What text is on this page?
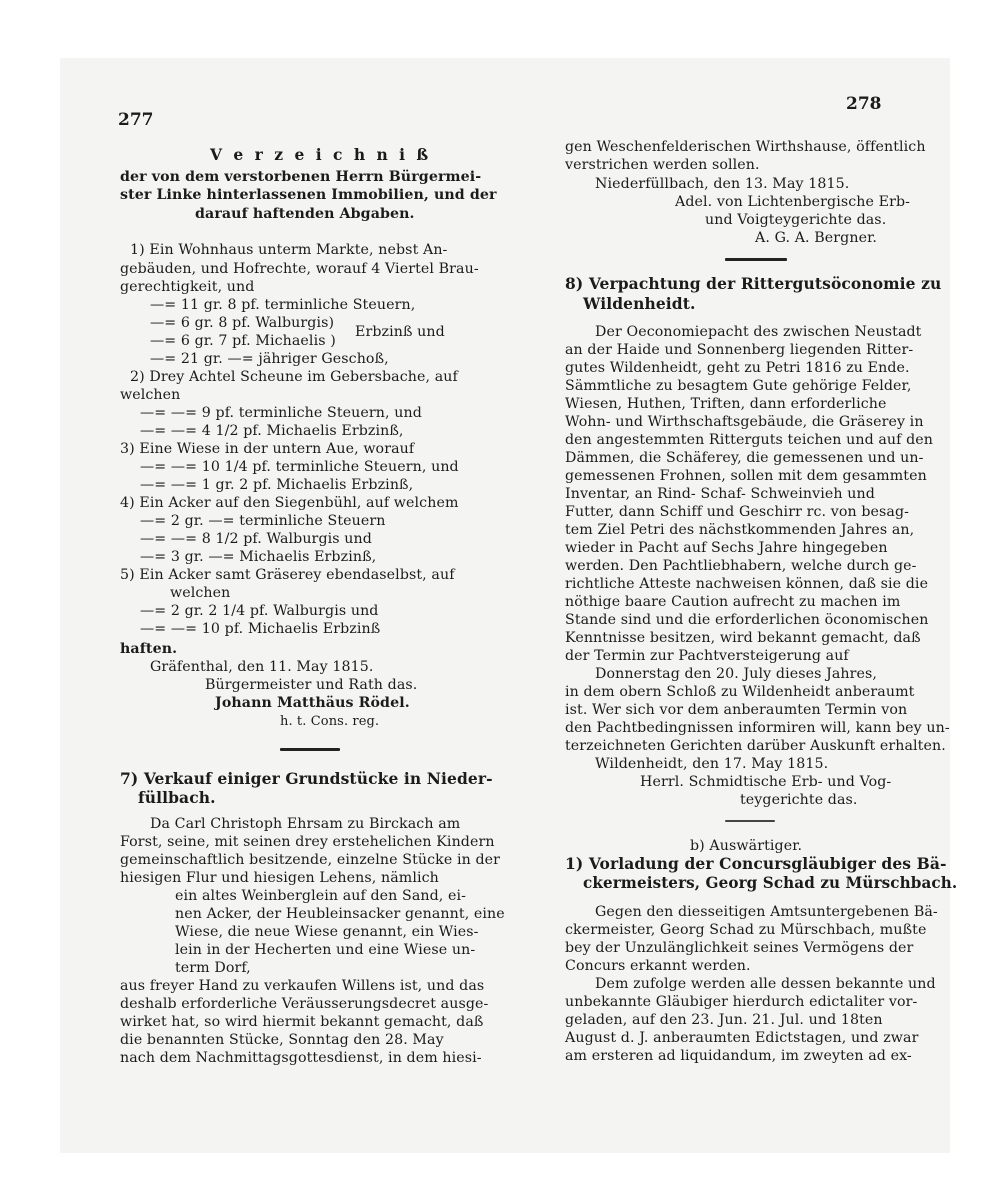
277
278
V e r z e i c h n i ß
der von dem verstorbenen Herrn Bürgermei-
ster Linke hinterlassenen Immobilien, und der
darauf haftenden Abgaben.
1) Ein Wohnhaus unterm Markte, nebst An-
gebäuden, und Hofrechte, worauf 4 Viertel Brau-
gerechtigkeit, und
—= 11 gr. 8 pf. terminliche Steuern,
—= 6 gr. 8 pf. Walburgis)
Erbzinß und
—= 6 gr. 7 pf. Michaelis )
—= 21 gr. —= jähriger Geschoß,
2) Drey Achtel Scheune im Gebersbache, auf
welchen
—= —= 9 pf. terminliche Steuern, und
—= —= 4 1/2 pf. Michaelis Erbzinß,
3) Eine Wiese in der untern Aue, worauf
—= —= 10 1/4 pf. terminliche Steuern, und
—= —= 1 gr. 2 pf. Michaelis Erbzinß,
4) Ein Acker auf den Siegenbühl, auf welchem
—= 2 gr. —= terminliche Steuern
—= —= 8 1/2 pf. Walburgis und
—= 3 gr. —= Michaelis Erbzinß,
5) Ein Acker samt Gräserey ebendaselbst, auf
welchen
—= 2 gr. 2 1/4 pf. Walburgis und
—= —= 10 pf. Michaelis Erbzinß
haften.
Gräfenthal, den 11. May 1815.
Bürgermeister und Rath das.
Johann Matthäus Rödel.
h. t. Cons. reg.
7) Verkauf einiger Grundstücke in Nieder-
füllbach.
Da Carl Christoph Ehrsam zu Birckach am
Forst, seine, mit seinen drey erstehelichen Kindern
gemeinschaftlich besitzende, einzelne Stücke in der
hiesigen Flur und hiesigen Lehens, nämlich
ein altes Weinberglein auf den Sand, ei-
nen Acker, der Heubleinsacker genannt, eine
Wiese, die neue Wiese genannt, ein Wies-
lein in der Hecherten und eine Wiese un-
term Dorf,
aus freyer Hand zu verkaufen Willens ist, und das
deshalb erforderliche Veräusserungsdecret ausge-
wirket hat, so wird hiermit bekannt gemacht, daß
die benannten Stücke, Sonntag den 28. May
nach dem Nachmittagsgottesdienst, in dem hiesi-
gen Weschenfelderischen Wirthshause, öffentlich
verstrichen werden sollen.
Niederfüllbach, den 13. May 1815.
Adel. von Lichtenbergische Erb-
und Voigteygerichte das.
A. G. A. Bergner.
8) Verpachtung der Rittergutsöconomie zu
Wildenheidt.
Der Oeconomiepacht des zwischen Neustadt
an der Haide und Sonnenberg liegenden Ritter-
gutes Wildenheidt, geht zu Petri 1816 zu Ende.
Sämmtliche zu besagtem Gute gehörige Felder,
Wiesen, Huthen, Triften, dann erforderliche
Wohn- und Wirthschaftsgebäude, die Gräserey in
den angestemmten Ritterguts teichen und auf den
Dämmen, die Schäferey, die gemessenen und un-
gemessenen Frohnen, sollen mit dem gesammten
Inventar, an Rind- Schaf- Schweinvieh und
Futter, dann Schiff und Geschirr rc. von besag-
tem Ziel Petri des nächstkommenden Jahres an,
wieder in Pacht auf Sechs Jahre hingegeben
werden. Den Pachtliebhabern, welche durch ge-
richtliche Atteste nachweisen können, daß sie die
nöthige baare Caution aufrecht zu machen im
Stande sind und die erforderlichen öconomischen
Kenntnisse besitzen, wird bekannt gemacht, daß
der Termin zur Pachtversteigerung auf
Donnerstag den 20. July dieses Jahres,
in dem obern Schloß zu Wildenheidt anberaumt
ist. Wer sich vor dem anberaumten Termin von
den Pachtbedingnissen informiren will, kann bey un-
terzeichneten Gerichten darüber Auskunft erhalten.
Wildenheidt, den 17. May 1815.
Herrl. Schmidtische Erb- und Vog-
teygerichte das.
b) Auswärtiger.
1) Vorladung der Concursgläubiger des Bä-
ckermeisters, Georg Schad zu Mürschbach.
Gegen den diesseitigen Amtsuntergebenen Bä-
ckermeister, Georg Schad zu Mürschbach, mußte
bey der Unzulänglichkeit seines Vermögens der
Concurs erkannt werden.
Dem zufolge werden alle dessen bekannte und
unbekannte Gläubiger hierdurch edictaliter vor-
geladen, auf den 23. Jun. 21. Jul. und 18ten
August d. J. anberaumten Edictstagen, und zwar
am ersteren ad liquidandum, im zweyten ad ex-
